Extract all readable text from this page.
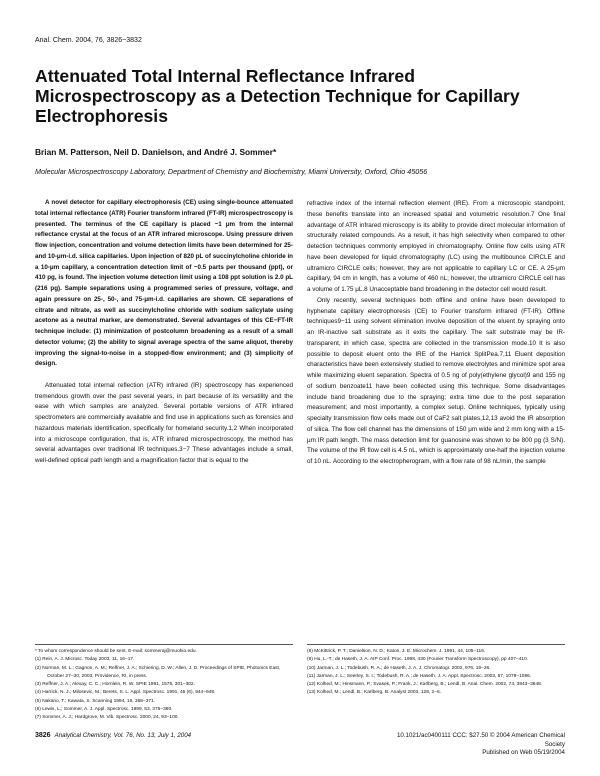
Anal. Chem. 2004, 76, 3826−3832
Attenuated Total Internal Reflectance Infrared Microspectroscopy as a Detection Technique for Capillary Electrophoresis
Brian M. Patterson, Neil D. Danielson, and André J. Sommer*
Molecular Microspectroscopy Laboratory, Department of Chemistry and Biochemistry, Miami University, Oxford, Ohio 45056

A novel detector for capillary electrophoresis (CE) using single-bounce attenuated total internal reflectance (ATR) Fourier transform infrared (FT-IR) microspectroscopy is presented. The terminus of the CE capillary is placed ~1 μm from the internal reflectance crystal at the focus of an ATR infrared microscope. Using pressure driven flow injection, concentration and volume detection limits have been determined for 25- and 10-μm-i.d. silica capillaries. Upon injection of 820 pL of succinylcholine chloride in a 10-μm capillary, a concentration detection limit of ~0.5 parts per thousand (ppt), or 410 pg, is found. The injection volume detection limit using a 108 ppt solution is 2.0 pL (216 pg). Sample separations using a programmed series of pressure, voltage, and again pressure on 25-, 50-, and 75-μm-i.d. capillaries are shown. CE separations of citrate and nitrate, as well as succinylcholine chloride with sodium salicylate using acetone as a neutral marker, are demonstrated. Several advantages of this CE−FT-IR technique include: (1) minimization of postcolumn broadening as a result of a small detector volume; (2) the ability to signal average spectra of the same aliquot, thereby improving the signal-to-noise in a stopped-flow environment; and (3) simplicity of design.

Attenuated total internal reflection (ATR) infrared (IR) spectroscopy has experienced tremendous growth over the past several years, in part because of its versatility and the ease with which samples are analyzed. Several portable versions of ATR infrared spectrometers are commercially available and find use in applications such as forensics and hazardous materials identification, specifically for homeland security.1,2 When incorporated into a microscope configuration, that is, ATR infrared microspectroscopy, the method has several advantages over traditional IR techniques.3−7 These advantages include a small, well-defined optical path length and a magnification factor that is equal to the

refractive index of the internal reflection element (IRE). From a microscopic standpoint, these benefits translate into an increased spatial and volumetric resolution.7 One final advantage of ATR infrared microscopy is its ability to provide direct molecular information of structurally related compounds. As a result, it has high selectivity when compared to other detection techniques commonly employed in chromatography. Online flow cells using ATR have been developed for liquid chromatography (LC) using the multibounce CIRCLE and ultramicro CIRCLE cells; however, they are not applicable to capillary LC or CE. A 25-μm capillary, 94 cm in length, has a volume of 460 nL; however, the ultramicro CIRCLE cell has a volume of 1.75 μL.8 Unacceptable band broadening in the detector cell would result.

Only recently, several techniques both offline and online have been developed to hyphenate capillary electrophoresis (CE) to Fourier transform infrared (FT-IR). Offline techniques9−11 using solvent elimination involve deposition of the eluent by spraying onto an IR-inactive salt substrate as it exits the capillary. The salt substrate may be IR-transparent, in which case, spectra are collected in the transmission mode.10 It is also possible to deposit eluent onto the IRE of the Harrick SplitPea.7,11 Eluent deposition characteristics have been extensively studied to remove electrolytes and minimize spot area while maximizing eluent separation. Spectra of 0.5 ng of poly(ethylene glycol)9 and 155 ng of sodium benzoate11 have been collected using this technique. Some disadvantages include band broadening due to the spraying; extra time due to the post separation measurement; and most importantly, a complex setup. Online techniques, typically using specialty transmission flow cells made out of CaF2 salt plates,12,13 avoid the IR absorption of silica. The flow cell channel has the dimensions of 150 μm wide and 2 mm long with a 15-μm IR path length. The mass detection limit for guanosine was shown to be 800 pg (3 S/N). The volume of the IR flow cell is 4.5 nL, which is approximately one-half the injection volume of 10 nL. According to the electropherogram, with a flow rate of 98 nL/min, the sample

* To whom correspondence should be sent. E-mail: sommeraj@muohio.edu.
(1) Rein, A. J. Microsc. Today 2003, 11, 16−17.
(2) Norman, M. L.; Gagnon, A. M.; Reffner, J. A.; Schiering, D. W.; Allen, J. D. Proceedings of SPIE, Photonics East, October 27−30, 2003, Providence, RI, in press.
(3) Reffner, J. A.; Alexay, C. C.; Hornlein, R. W. SPIE 1991, 1575, 301−302.
(4) Harrick, N. J.; Milosevic, M.; Berets, S. L. Appl. Spectrosc. 1991, 45 (6), 944−948.
(5) Nakano, T.; Kawata, S. Scanning 1994, 16, 368−371.
(6) Lewis, L.; Sommer, A. J. Appl. Spectrosc. 1999, 53, 375−380.
(7) Sommer, A. J.; Hardgrove, M. Vib. Spectrosc. 2000, 24, 93−100.
(8) McKittrick, P. T.; Danielson, N. D.; Katon, J. E. Microchem. J. 1991, 44, 105−116.
(9) Hu, L.-T.; de Haseth, J. A. AIP Conf. Proc. 1998, 430 (Fourier Transform Spectroscopy), pp 407−410.
(10) Jarman, J. L.; Todebush, R. A.; de Haseth, J. A. J. Chromatogr. 2002, 976, 19−26.
(11) Jarman, J. L.; Seerley, S. I.; Todebush, R. A.; de Haseth, J. A. Appl. Spectrosc. 2003, 57, 1078−1086.
(12) Kolhed, M.; Hinsmann, P.; Svasek, P.; Frank, J.; Karlberg, B.; Lendl, B. Anal. Chem. 2002, 74, 3843−3848.
(13) Kolhed, M.; Lendl, B.; Karlberg, B. Analyst 2003, 128, 2−6.
3826 Analytical Chemistry, Vol. 76, No. 13, July 1, 2004	10.1021/ac0400111 CCC: $27.50 © 2004 American Chemical Society
Published on Web 05/19/2004
